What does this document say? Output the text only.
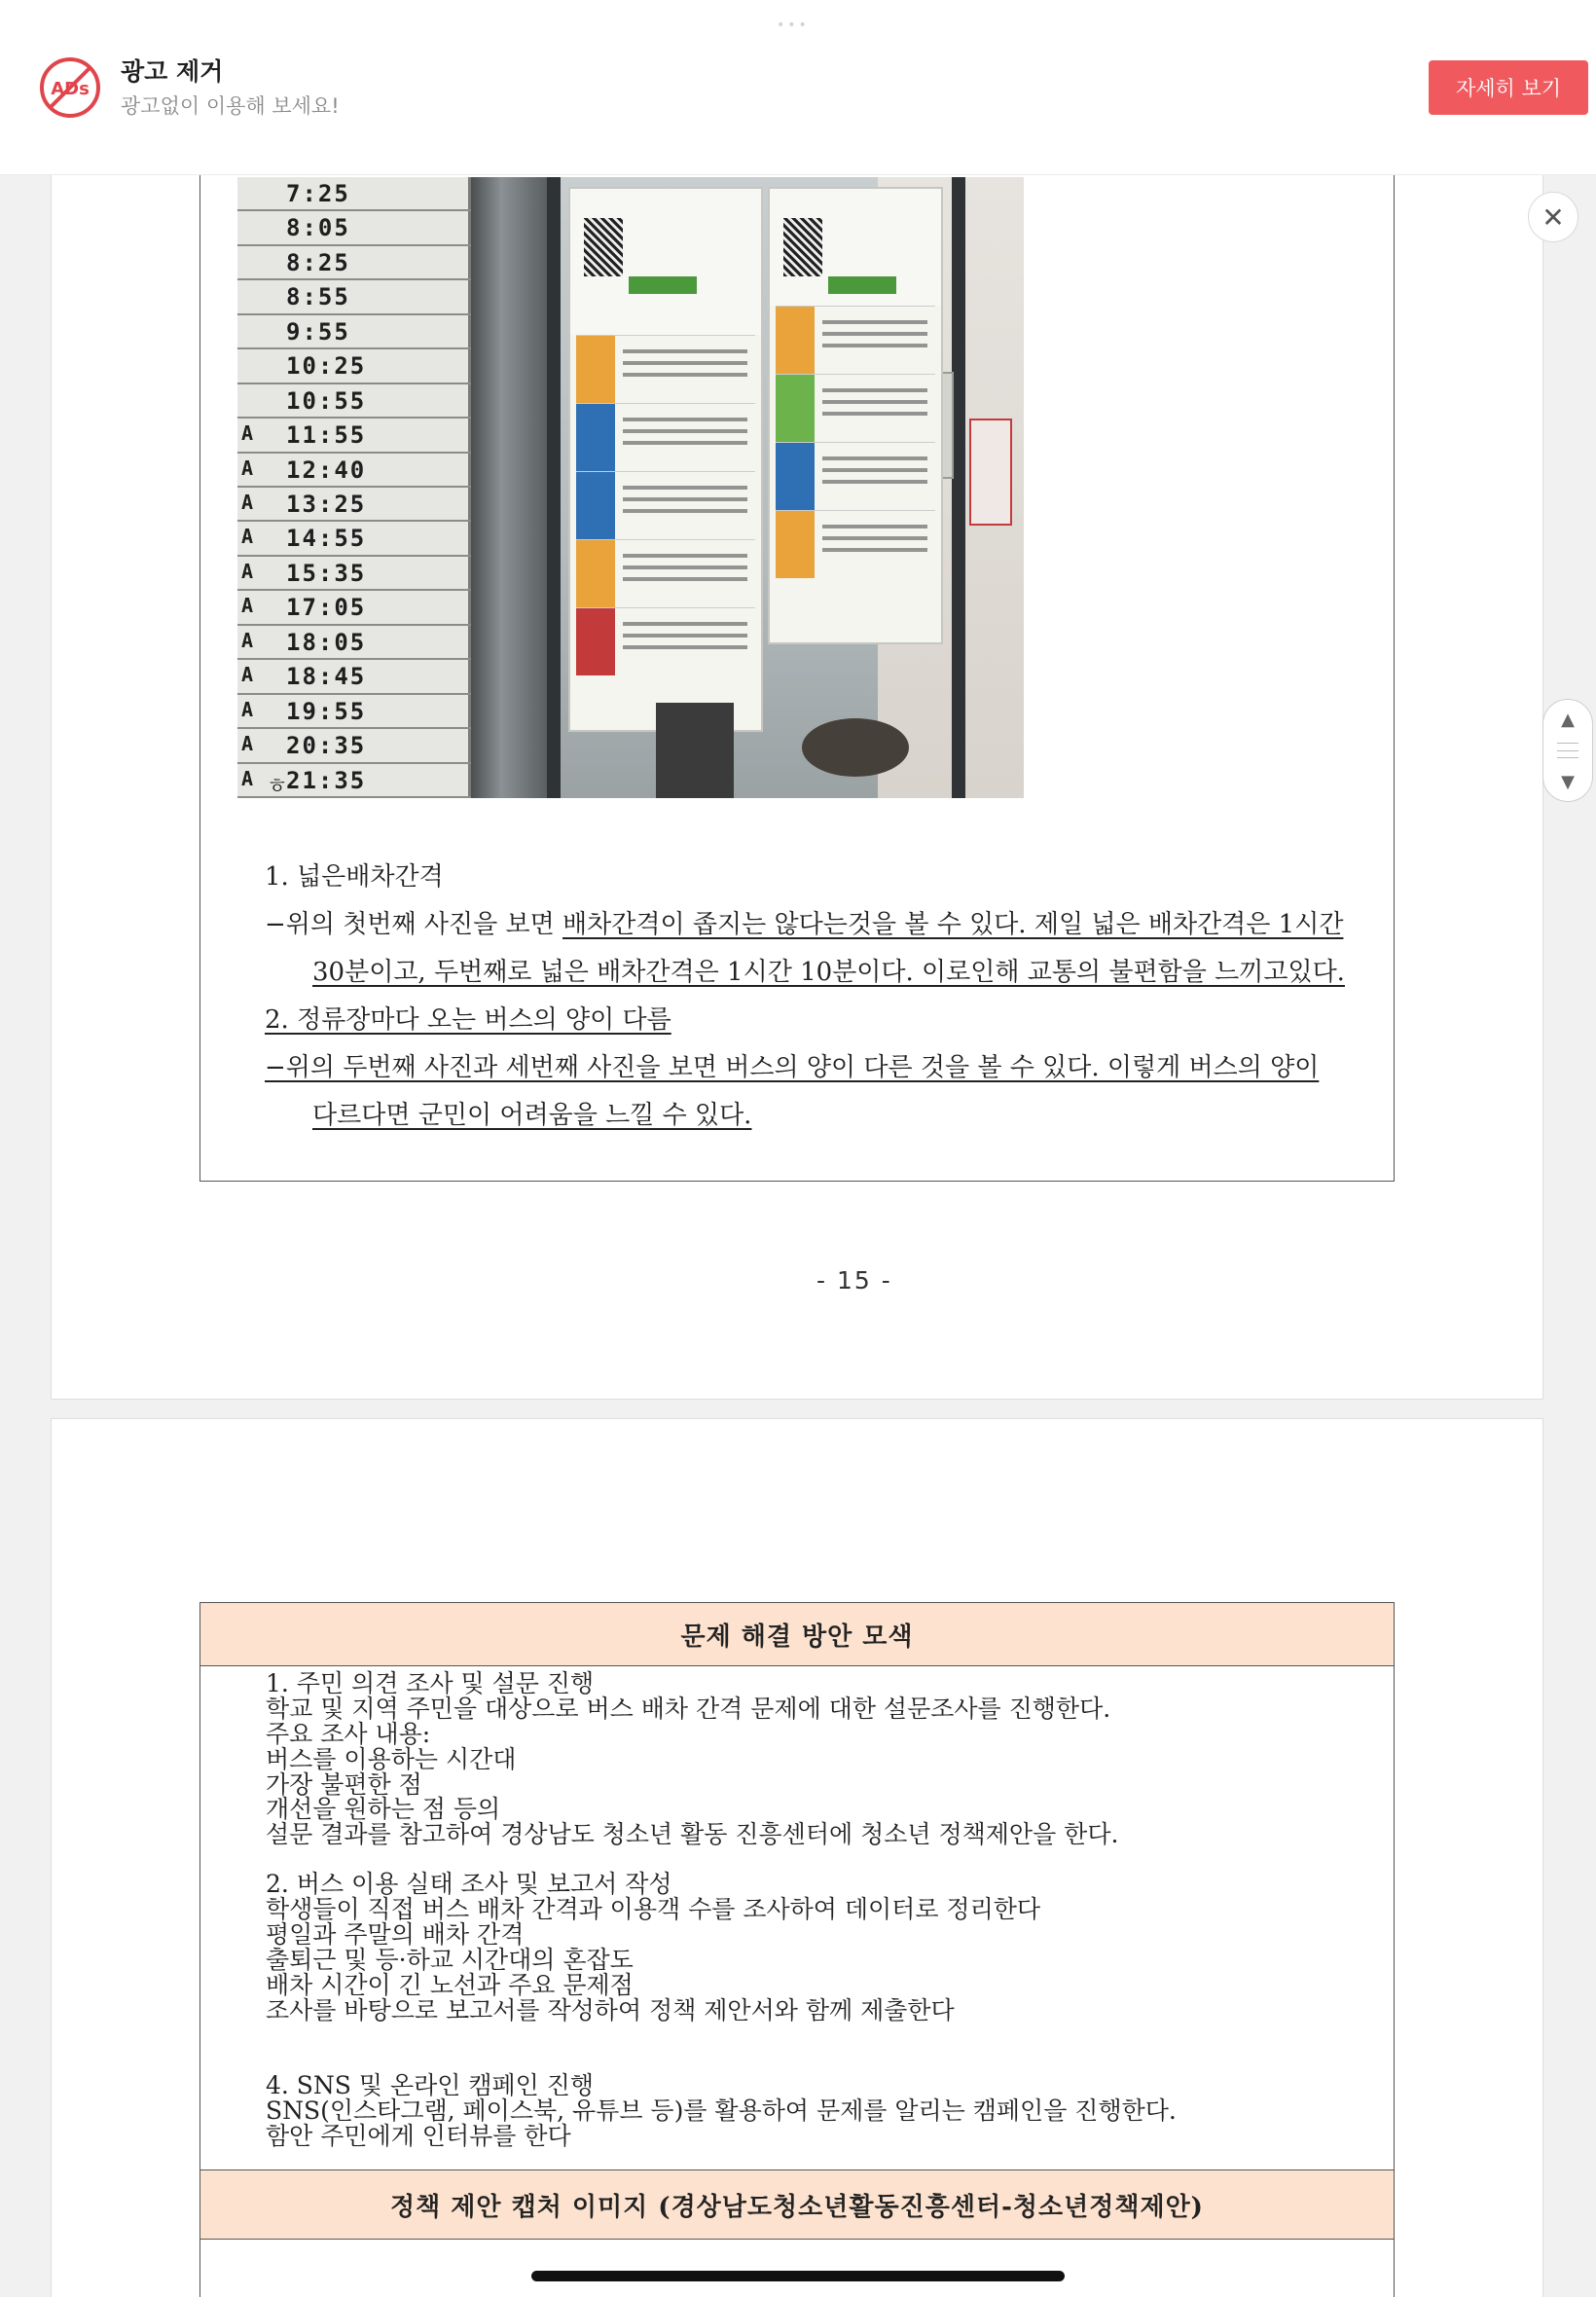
•••
ADs
광고 제거
광고없이 이용해 보세요!
자세히 보기
7:25
8:05
8:25
8:55
9:55
10:25
10:55
A 11:55
A 12:40
A 13:25
A 14:55
A 15:35
A 17:05
A 18:05
A 18:45
A 19:55
A 20:35
A 21:35
ㅎ
1. 넓은배차간격
−위의 첫번째 사진을 보면 배차간격이 좁지는 않다는것을 볼 수 있다. 제일 넓은 배차간격은 1시간
30분이고, 두번째로 넓은 배차간격은 1시간 10분이다. 이로인해 교통의 불편함을 느끼고있다.
2. 정류장마다 오는 버스의 양이 다름
−위의 두번째 사진과 세번째 사진을 보면 버스의 양이 다른 것을 볼 수 있다. 이렇게 버스의 양이
다르다면 군민이 어려움을 느낄 수 있다.
- 15 -
문제 해결 방안 모색
정책 제안 캡처 이미지 (경상남도청소년활동진흥센터-청소년정책제안)
1. 주민 의견 조사 및 설문 진행
학교 및 지역 주민을 대상으로 버스 배차 간격 문제에 대한 설문조사를 진행한다.
주요 조사 내용:
버스를 이용하는 시간대
가장 불편한 점
개선을 원하는 점 등의
설문 결과를 참고하여 경상남도 청소년 활동 진흥센터에 청소년 정책제안을 한다.
2. 버스 이용 실태 조사 및 보고서 작성
학생들이 직접 버스 배차 간격과 이용객 수를 조사하여 데이터로 정리한다
평일과 주말의 배차 간격
출퇴근 및 등·하교 시간대의 혼잡도
배차 시간이 긴 노선과 주요 문제점
조사를 바탕으로 보고서를 작성하여 정책 제안서와 함께 제출한다
4. SNS 및 온라인 캠페인 진행
SNS(인스타그램, 페이스북, 유튜브 등)를 활용하여 문제를 알리는 캠페인을 진행한다.
함안 주민에게 인터뷰를 한다
✕
▲
▼
